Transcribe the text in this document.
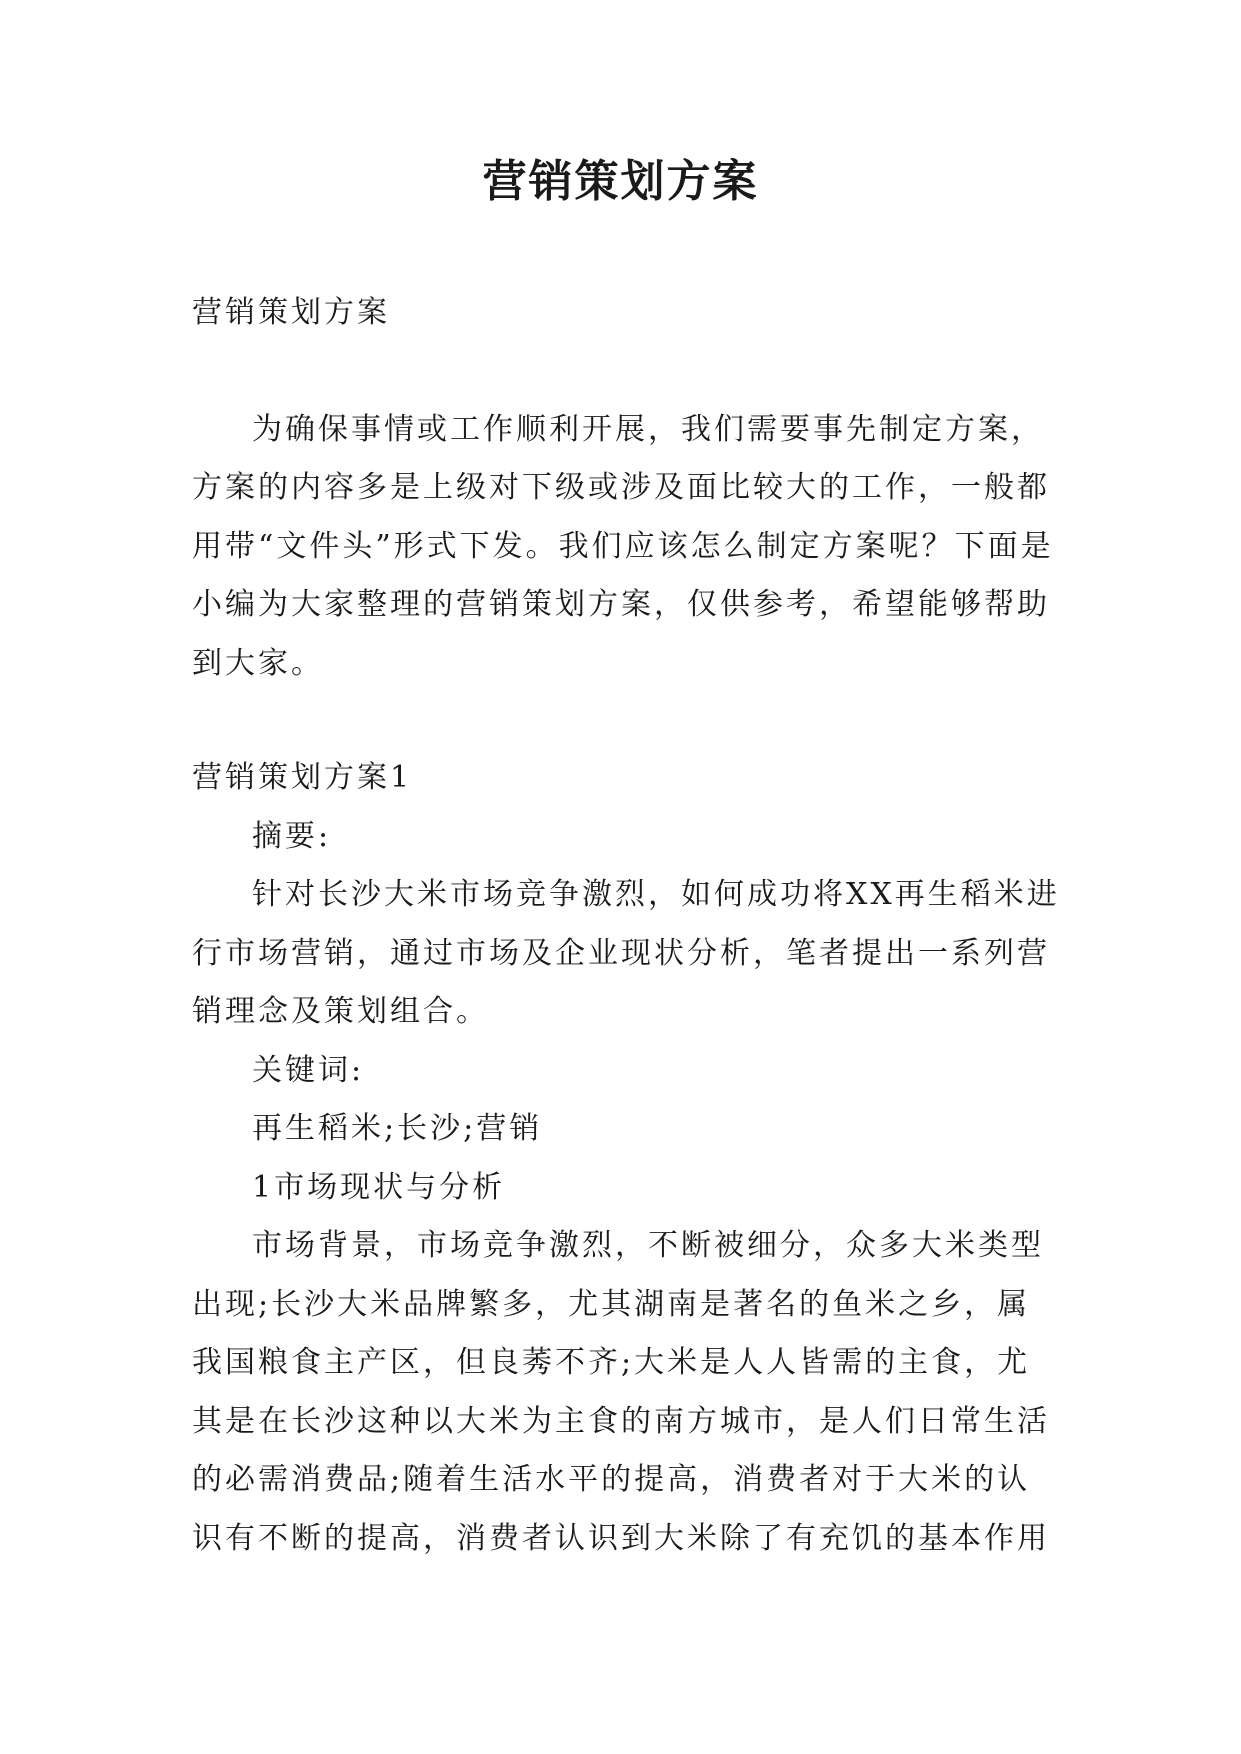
营销策划方案

营销策划方案

为确保事情或工作顺利开展，我们需要事先制定方案，方案的内容多是上级对下级或涉及面比较大的工作，一般都用带“文件头”形式下发。我们应该怎么制定方案呢？下面是小编为大家整理的营销策划方案，仅供参考，希望能够帮助到大家。

营销策划方案1

摘要:

针对长沙大米市场竞争激烈，如何成功将XX再生稻米进行市场营销，通过市场及企业现状分析，笔者提出一系列营销理念及策划组合。

关键词:

再生稻米;长沙;营销

1市场现状与分析

市场背景，市场竞争激烈，不断被细分，众多大米类型出现;长沙大米品牌繁多，尤其湖南是著名的鱼米之乡，属我国粮食主产区，但良莠不齐;大米是人人皆需的主食，尤其是在长沙这种以大米为主食的南方城市，是人们日常生活的必需消费品;随着生活水平的提高，消费者对于大米的认识有不断的提高，消费者认识到大米除了有充饥的基本作用
